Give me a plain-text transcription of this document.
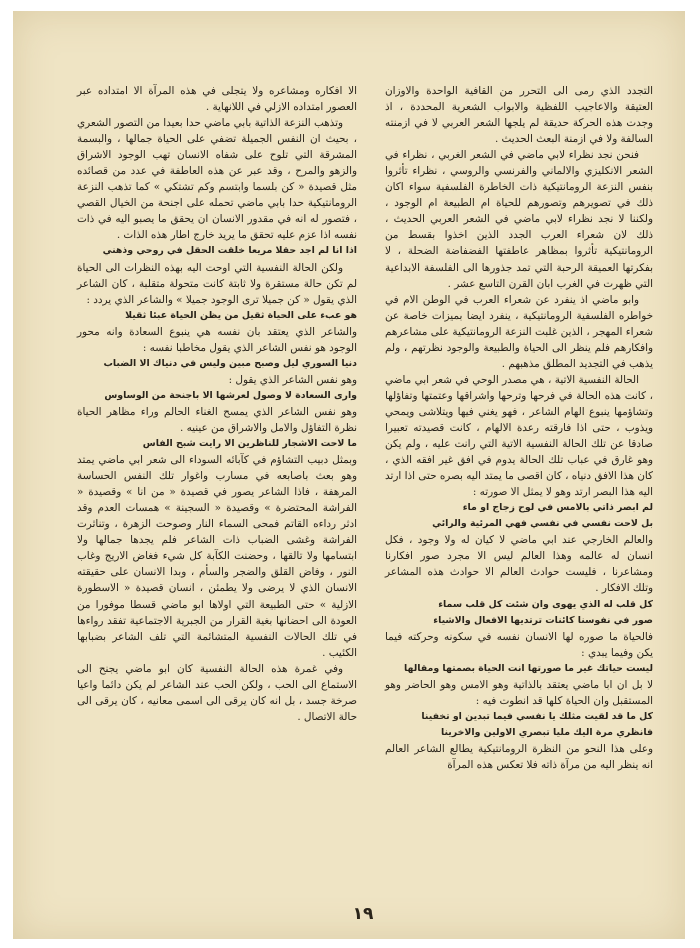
التجدد الذي رمى الى التحرر من القافية الواحدة والاوزان العتيقة والاعاجيب اللفظية والابواب الشعرية المحددة ، اذ وجدت هذه الحركة حديقة لم يلجها الشعر العربي لا في ازمنته السالفة ولا في ازمنة البعث الحديث .

فنحن نجد نظراء لابي ماضي في الشعر الغربي ، نظراء في الشعر الانكليزي والالماني والفرنسي والروسي ، نظراء تأثروا بنفس النزعة الرومانتيكية ذات الخاطرة الفلسفية سواء اكان ذلك في تصويرهم وتصورهم للحياة ام الطبيعة ام الوجود ، ولكننا لا نجد نظراء لابي ماضي في الشعر العربي الحديث ، ذلك لان شعراء العرب الجدد الذين اخذوا بقسط من الرومانتيكية تأثروا بمظاهر عاطفتها الفضفاضة الضحلة ، لا بفكرتها العميقة الرحبة التي تمد جذورها الى الفلسفة الابداعية التي ظهرت في الغرب ابان القرن التاسع عشر .

وابو ماضي اذ ينفرد عن شعراء العرب في الوطن الام في خواطره الفلسفية الرومانتيكية ، ينفرد ايضا بميزات خاصة عن شعراء المهجر ، الذين غلبت النزعة الرومانتيكية على مشاعرهم وافكارهم فلم ينظر الى الحياة والطبيعة والوجود نظرتهم ، ولم يذهب في التجديد المطلق مذهبهم .

الحالة النفسية الاتية ، هي مصدر الوحي في شعر ابي ماضي ، كانت هذه الحالة في فرحها وترحها واشراقها وعتمتها وتفاؤلها وتشاؤمها ينبوع الهام الشاعر ، فهو يغني فيها ويتلاشى ويمحي ويذوب ، حتى اذا فارقته رعدة الالهام ، كانت قصيدته تعبيرا صادقا عن تلك الحالة النفسية الاتية التي رانت عليه ، ولم يكن وهو غارق في عباب تلك الحالة يدوم في افق غير افقه الذي ، كان هذا الافق دنياه ، كان اقصى ما يمتد اليه بصره حتى اذا ارتد اليه هذا البصر ارتد وهو لا يمثل الا صورته :

لم ابصر ذاتي بالامس في لوح زجاج او ماء

بل لاحت نفسي في نفسي فهي المرئية والرائي

والعالم الخارجي عند ابي ماضي لا كيان له ولا وجود ، فكل انسان له عالمه وهذا العالم ليس الا مجرد صور افكارنا ومشاعرنا ، فليست حوادث العالم الا حوادث هذه المشاعر وتلك الافكار .

كل قلب له الذي يهوى وان شئت كل قلب سماء

صور في نفوسنا كائنات ترتديها الافعال والاشياء

فالحياة ما صوره لها الانسان نفسه في سكونه وحركته فيما يكن وفيما يبدي :

ليست حياتك غير ما صورتها انت الحياة بصمتها ومقالها

لا بل ان ابا ماضي يعتقد بالذاتية وهو الامس وهو الحاضر وهو المستقبل وان الحياة كلها قد انطوت فيه :

كل ما قد لقيت مثلك يا نفسي فيما تبدين او تخفينا

فانظري مرة اليك مليا تبصري الاولين والاخرينا

وعلى هذا النحو من النظرة الرومانتيكية يطالع الشاعر العالم انه ينظر اليه من مرآة ذاته فلا تعكس هذه المرآة

الا افكاره ومشاعره ولا يتجلى في هذه المرآة الا امتداده عبر العصور امتداده الازلي في اللانهاية .

وتذهب النزعة الذاتية بابي ماضي حدا بعيدا من التصور الشعري ، بحيث ان النفس الجميلة تضفي على الحياة جمالها ، والبسمة المشرقة التي تلوح على شفاه الانسان تهب الوجود الاشراق والزهو والمرح ، وقد عبر عن هذه العاطفة في عدد من قصائده مثل قصيدة « كن بلسما وابتسم وكم تشتكي » كما تذهب النزعة الرومانتيكية حدا بابي ماضي تحمله على اجنحة من الخيال القصي ، فتصور له انه في مقدور الانسان ان يحقق ما يصبو اليه في ذات نفسه اذا عزم عليه تحقق ما يريد خارج اطار هذه الذات .

اذا انا لم اجد حقلا مريعا خلقت الحقل في روحي وذهني

ولكن الحالة النفسية التي اوحت اليه بهذه النظرات الى الحياة لم تكن حالة مستقرة ولا ثابتة كانت متحولة متقلبة ، كان الشاعر الذي يقول « كن جميلا ترى الوجود جميلا » والشاعر الذي يردد :

هو عبء على الحياة ثقيل من يظن الحياة عبئا ثقيلا

والشاعر الذي يعتقد بان نفسه هي ينبوع السعادة وانه محور الوجود هو نفس الشاعر الذي يقول مخاطبا نفسه :

دنيا السوري ليل وصبح مبين وليس في دنياك الا الضباب

وهو نفس الشاعر الذي يقول :

وارى السعادة لا وصول لعرشها الا باجنحة من الوساوس

وهو نفس الشاعر الذي يمسح الغناء الحالم وراء مظاهر الحياة نظرة التفاؤل والامل والاشراق من عينيه .

ما لاحت الاشجار للناظرين الا رايت شبح الفاس

وبمثل دبيب التشاؤم في كآبائه السوداء الى شعر ابي ماضي يمتد وهو بعث باصابعه في مسارب واغوار تلك النفس الحساسة المرهفة ، فاذا الشاعر يصور في قصيدة « من انا » وقصيدة « الفراشة المحتضرة » وقصيدة « السجينة » همسات العدم وقد ادثر رداءه القاتم فمحى السماء النار وصوحت الزهرة ، وتناثرت الفراشة وغشى الضباب ذات الشاعر فلم يجدها جمالها ولا ابتسامها ولا تالقها ، وحضنت الكآبة كل شيء فغاض الاريج وغاب النور ، وفاض القلق والضجر والسأم ، وبدا الانسان على حقيقته الانسان الذي لا يرضى ولا يطمئن ، انسان قصيدة « الاسطورة الازلية » حتى الطبيعة التي اولاها ابو ماضي قسطا موفورا من العودة الى احضانها بغية القرار من الجبرية الاجتماعية تفقد رواءها في تلك الحالات النفسية المتشائمة التي تلف الشاعر بضبابها الكئيب .

وفي غمرة هذه الحالة النفسية كان ابو ماضي يجنح الى الاستماع الى الحب ، ولكن الحب عند الشاعر لم يكن دائما واعيا صرخة جسد ، بل انه كان يرقى الى اسمى معانيه ، كان يرقى الى حالة الاتصال .

١٩
